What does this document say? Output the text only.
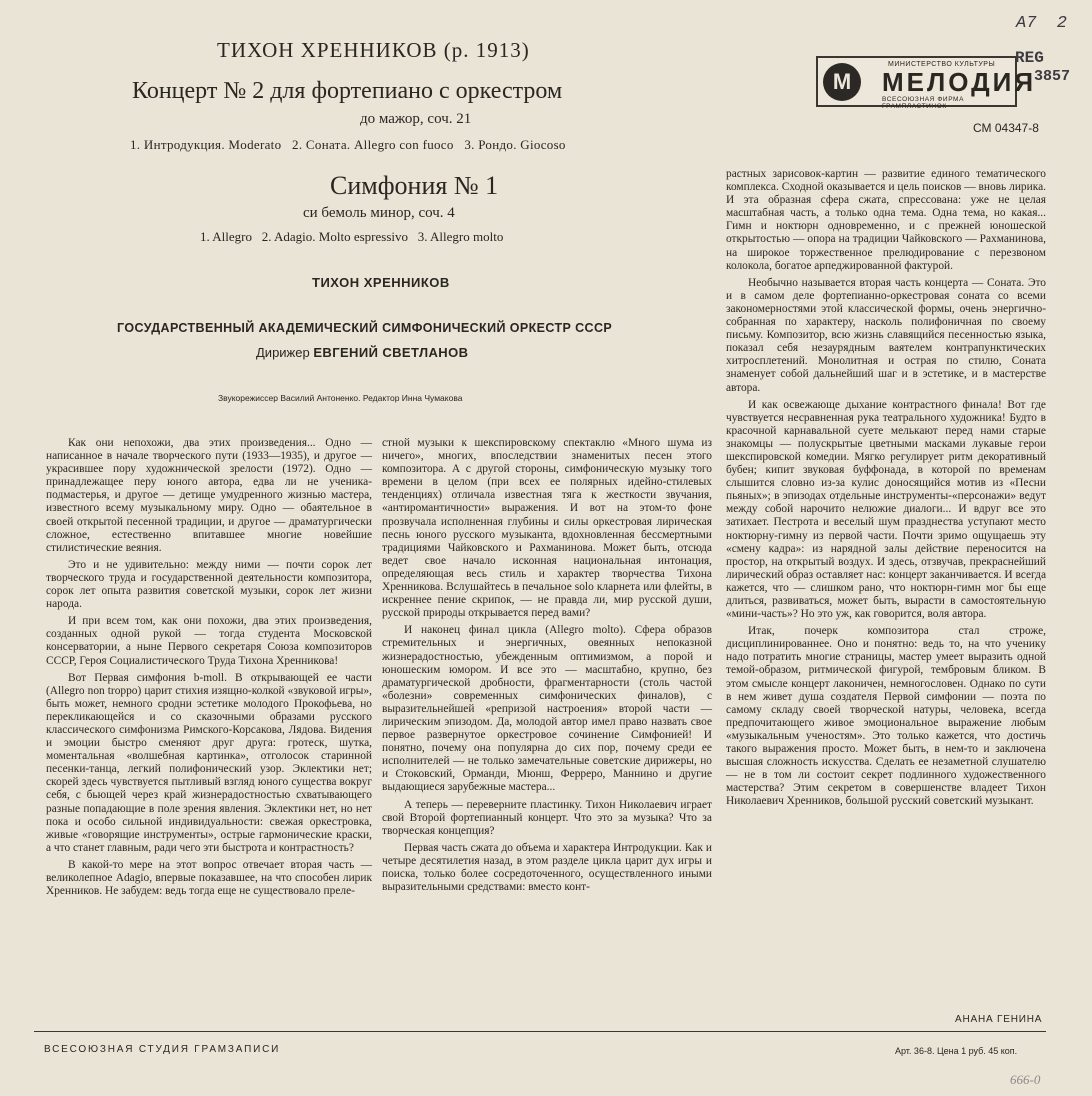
ТИХОН ХРЕННИКОВ (р. 1913)
Концерт № 2 для фортепиано с оркестром
до мажор, соч. 21
1. Интродукция. Moderato   2. Соната. Allegro con fuoco   3. Рондо. Giocoso
Симфония № 1
си бемоль минор, соч. 4
1. Allegro   2. Adagio. Molto espressivo   3. Allegro molto
ТИХОН ХРЕННИКОВ
ГОСУДАРСТВЕННЫЙ АКАДЕМИЧЕСКИЙ СИМФОНИЧЕСКИЙ ОРКЕСТР СССР
Дирижер ЕВГЕНИЙ СВЕТЛАНОВ
Звукорежиссер Василий Антоненко. Редактор Инна Чумакова
М
МИНИСТЕРСТВО КУЛЬТУРЫ
МЕЛОДИЯ
ВСЕСОЮЗНАЯ ФИРМА ГРАМПЛАСТИНОК
СМ 04347-8
А7  2
REG
3857

Как они непохожи, два этих произведения... Одно — написанное в начале творческого пути (1933—1935), и другое — украсившее пору художнической зрелости (1972). Одно — принадлежащее перу юного автора, едва ли не ученика-подмастерья, и другое — детище умудренного жизнью мастера, известного всему музыкальному миру. Одно — обаятельное в своей открытой песенной традиции, и другое — драматургически сложное, естественно впитавшее многие новейшие стилистические веяния.

Это и не удивительно: между ними — почти сорок лет творческого труда и государственной деятельности композитора, сорок лет опыта развития советской музыки, сорок лет жизни народа.

И при всем том, как они похожи, два этих произведения, созданных одной рукой — тогда студента Московской консерватории, а ныне Первого секретаря Союза композиторов СССР, Героя Социалистического Труда Тихона Хренникова!

Вот Первая симфония b-moll. В открывающей ее части (Allegro non troppo) царит стихия изящно-колкой «звуковой игры», быть может, немного сродни эстетике молодого Прокофьева, но перекликающейся и со сказочными образами русского классического симфонизма Римского-Корсакова, Лядова. Видения и эмоции быстро сменяют друг друга: гротеск, шутка, моментальная «волшебная картинка», отголосок старинной песенки-танца, легкий полифонический узор. Эклектики нет; скорей здесь чувствуется пытливый взгляд юного существа вокруг себя, с бьющей через край жизнерадостностью схватывающего разные попадающие в поле зрения явления. Эклектики нет, но нет пока и особо сильной индивидуальности: свежая оркестровка, живые «говорящие инструменты», острые гармонические краски, а что станет главным, ради чего эти быстрота и контрастность?

В какой-то мере на этот вопрос отвечает вторая часть — великолепное Adagio, впервые показавшее, на что способен лирик Хренников. Не забудем: ведь тогда еще не существовало преле-

стной музыки к шекспировскому спектаклю «Много шума из ничего», многих, впоследствии знаменитых песен этого композитора. А с другой стороны, симфоническую музыку того времени в целом (при всех ее полярных идейно-стилевых тенденциях) отличала известная тяга к жесткости звучания, «антиромантичности» выражения. И вот на этом-то фоне прозвучала исполненная глубины и силы оркестровая лирическая песнь юного русского музыканта, вдохновленная бессмертными традициями Чайковского и Рахманинова. Может быть, отсюда ведет свое начало исконная национальная интонация, определяющая весь стиль и характер творчества Тихона Хренникова. Вслушайтесь в печальное solo кларнета или флейты, в искреннее пение скрипок, — не правда ли, мир русской души, русской природы открывается перед вами?

И наконец финал цикла (Allegro molto). Сфера образов стремительных и энергичных, овеянных непоказной жизнерадостностью, убежденным оптимизмом, а порой и юношеским юмором. И все это — масштабно, крупно, без драматургической дробности, фрагментарности (столь частой «болезни» современных симфонических финалов), с выразительнейшей «репризой настроения» второй части — лирическим эпизодом. Да, молодой автор имел право назвать свое первое развернутое оркестровое сочинение Симфонией! И понятно, почему она популярна до сих пор, почему среди ее исполнителей — не только замечательные советские дирижеры, но и Стоковский, Орманди, Мюнш, Ферреро, Маннино и другие выдающиеся зарубежные мастера...

А теперь — переверните пластинку. Тихон Николаевич играет свой Второй фортепианный концерт. Что это за музыка? Что за творческая концепция?

Первая часть сжата до объема и характера Интродукции. Как и четыре десятилетия назад, в этом разделе цикла царит дух игры и поиска, только более сосредоточенного, осуществленного иными выразительными средствами: вместо конт-

растных зарисовок-картин — развитие единого тематического комплекса. Сходной оказывается и цель поисков — вновь лирика. И эта образная сфера сжата, спрессована: уже не целая масштабная часть, а только одна тема. Одна тема, но какая... Гимн и ноктюрн одновременно, и с прежней юношеской открытостью — опора на традиции Чайковского — Рахманинова, на широкое торжественное прелюдирование с перезвоном колокола, богатое арпеджированной фактурой.

Необычно называется вторая часть концерта — Соната. Это и в самом деле фортепианно-оркестровая соната со всеми закономерностями этой классической формы, очень энергично-собранная по характеру, насколь полифоничная по своему письму. Композитор, всю жизнь славящийся песенностью языка, показал себя незаурядным ваятелем контрапунктических хитросплетений. Монолитная и острая по стилю, Соната знаменует собой дальнейший шаг и в эстетике, и в мастерстве автора.

И как освежающе дыхание контрастного финала! Вот где чувствуется несравненная рука театрального художника! Будто в красочной карнавальной суете мелькают перед нами старые знакомцы — полускрытые цветными масками лукавые герои шекспировской комедии. Мягко регулирует ритм декоративный бубен; кипит звуковая буффонада, в которой по временам слышится словно из-за кулис доносящийся мотив из «Песни пьяных»; в эпизодах отдельные инструменты-«персонажи» ведут между собой нарочито нелюжие диалоги... И вдруг все это затихает. Пестрота и веселый шум празднества уступают место ноктюрну-гимну из первой части. Почти зримо ощущаешь эту «смену кадра»: из нарядной залы действие переносится на простор, на открытый воздух. И здесь, отзвучав, прекраснейший лирический образ оставляет нас: концерт заканчивается. И всегда кажется, что — слишком рано, что ноктюрн-гимн мог бы еще длиться, развиваться, может быть, вырасти в самостоятельную «мини-часть»? Но это уж, как говорится, воля автора.

Итак, почерк композитора стал строже, дисциплинированнее. Оно и понятно: ведь то, на что ученику надо потратить многие страницы, мастер умеет выразить одной темой-образом, ритмической фигурой, тембровым бликом. В этом смысле концерт лаконичен, немногословен. Однако по сути в нем живет душа создателя Первой симфонии — поэта по самому складу своей творческой натуры, человека, всегда предпочитающего живое эмоциональное выражение любым «музыкальным ученостям». Это только кажется, что достичь такого выражения просто. Может быть, в нем-то и заключена высшая сложность искусства. Сделать ее незаметной слушателю — не в том ли состоит секрет подлинного художественного мастерства? Этим секретом в совершенстве владеет Тихон Николаевич Хренников, большой русский советский музыкант.

АНАНА ГЕНИНА
ВСЕСОЮЗНАЯ СТУДИЯ ГРАМЗАПИСИ	Арт. 36-8. Цена 1 руб. 45 коп.
666-0
